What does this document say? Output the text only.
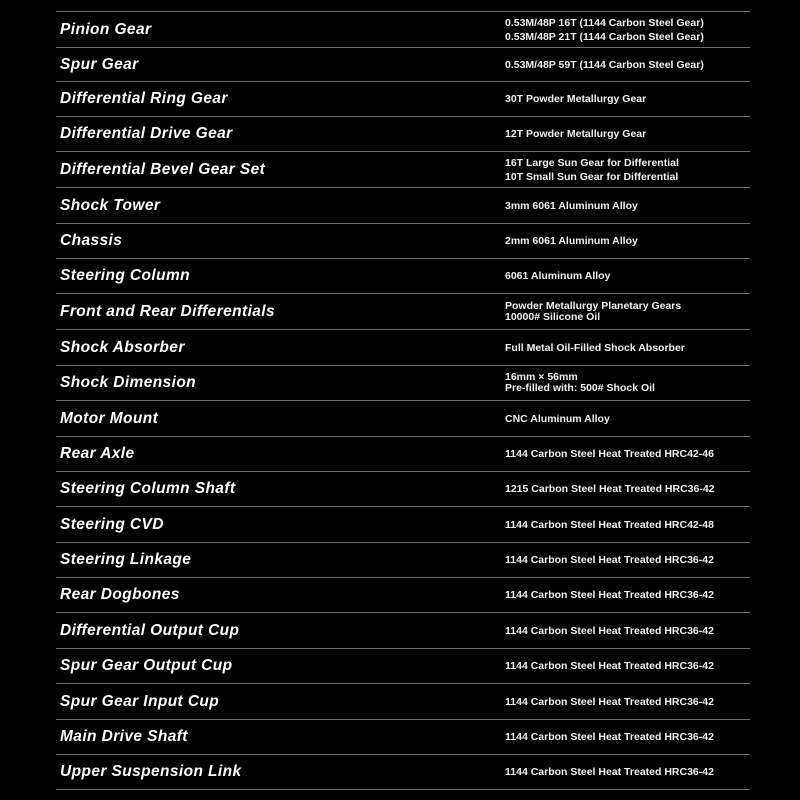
Pinion Gear	0.53M/48P 16T (1144 Carbon Steel Gear)
0.53M/48P 21T (1144 Carbon Steel Gear)
Spur Gear	0.53M/48P 59T (1144 Carbon Steel Gear)
Differential Ring Gear	30T Powder Metallurgy Gear
Differential Drive Gear	12T Powder Metallurgy Gear
Differential Bevel Gear Set	16T Large Sun Gear for Differential
10T Small Sun Gear for Differential
Shock Tower	3mm 6061 Aluminum Alloy
Chassis	2mm 6061 Aluminum Alloy
Steering Column	6061 Aluminum Alloy
Front and Rear Differentials	Powder Metallurgy Planetary Gears
10000# Silicone Oil
Shock Absorber	Full Metal Oil-Filled Shock Absorber
Shock Dimension	16mm × 56mm
Pre-filled with: 500# Shock Oil
Motor Mount	CNC Aluminum Alloy
Rear Axle	1144 Carbon Steel Heat Treated HRC42-46
Steering Column Shaft	1215 Carbon Steel Heat Treated HRC36-42
Steering CVD	1144 Carbon Steel Heat Treated HRC42-48
Steering Linkage	1144 Carbon Steel Heat Treated HRC36-42
Rear Dogbones	1144 Carbon Steel Heat Treated HRC36-42
Differential Output Cup	1144 Carbon Steel Heat Treated HRC36-42
Spur Gear Output Cup	1144 Carbon Steel Heat Treated HRC36-42
Spur Gear Input Cup	1144 Carbon Steel Heat Treated HRC36-42
Main Drive Shaft	1144 Carbon Steel Heat Treated HRC36-42
Upper Suspension Link	1144 Carbon Steel Heat Treated HRC36-42
